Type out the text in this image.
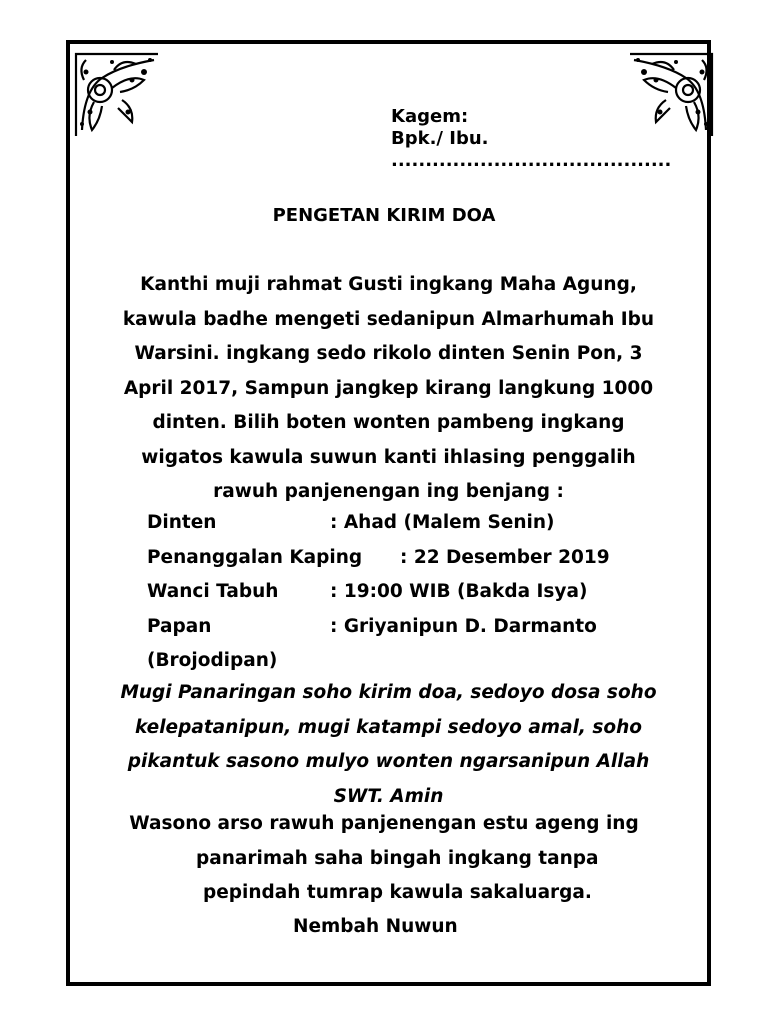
Kagem:
Bpk./ Ibu.
.........................................
PENGETAN KIRIM DOA
Kanthi muji rahmat Gusti ingkang Maha Agung,
kawula badhe mengeti sedanipun Almarhumah Ibu
Warsini. ingkang sedo rikolo dinten Senin Pon, 3
April 2017, Sampun jangkep kirang langkung 1000
dinten. Bilih boten wonten pambeng ingkang
wigatos kawula suwun kanti ihlasing penggalih
rawuh panjenengan ing benjang :
Dinten	: Ahad (Malem Senin)
Penanggalan Kaping	: 22 Desember 2019
Wanci Tabuh	: 19:00 WIB (Bakda Isya)
Papan	: Griyanipun D. Darmanto
(Brojodipan)
Mugi Panaringan soho kirim doa, sedoyo dosa soho
kelepatanipun, mugi katampi sedoyo amal, soho
pikantuk sasono mulyo wonten ngarsanipun Allah
SWT. Amin
Wasono arso rawuh panjenengan estu ageng ing
panarimah saha bingah ingkang tanpa
pepindah tumrap kawula sakaluarga.
Nembah Nuwun
